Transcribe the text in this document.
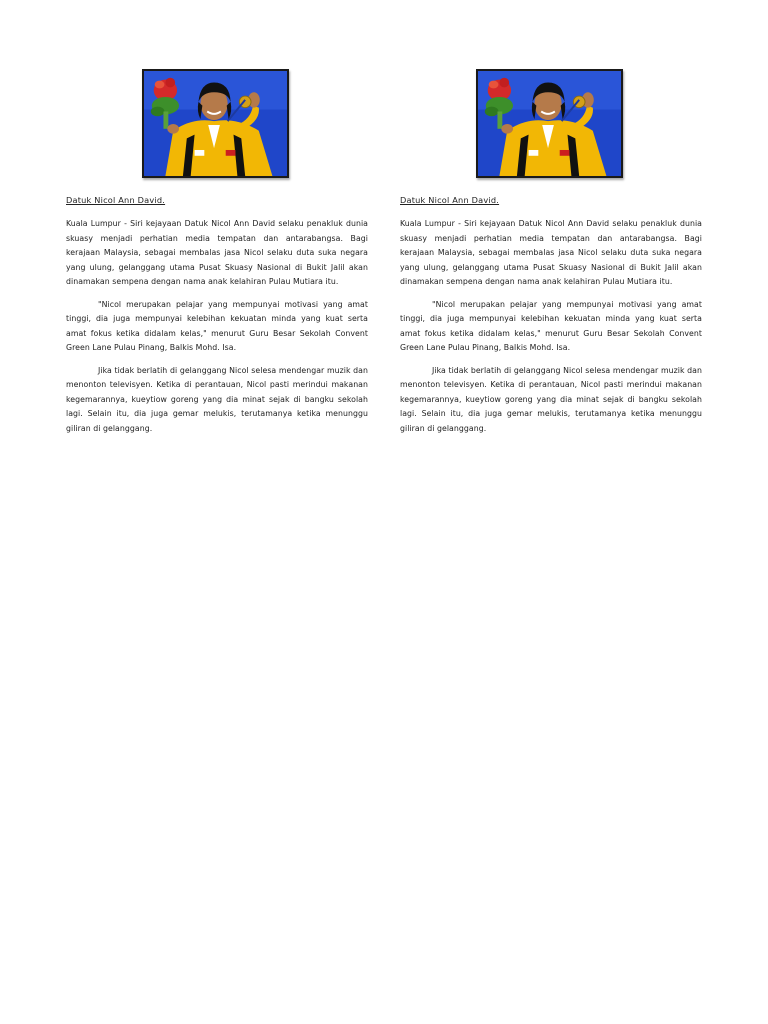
Datuk Nicol Ann David.

Kuala Lumpur - Siri kejayaan Datuk Nicol Ann David selaku penakluk dunia skuasy menjadi perhatian media tempatan dan antarabangsa. Bagi kerajaan Malaysia, sebagai membalas jasa Nicol selaku duta suka negara yang ulung, gelanggang utama Pusat Skuasy Nasional di Bukit Jalil akan dinamakan sempena dengan nama anak kelahiran Pulau Mutiara itu.

"Nicol merupakan pelajar yang mempunyai motivasi yang amat tinggi, dia juga mempunyai kelebihan kekuatan minda yang kuat serta amat fokus ketika didalam kelas," menurut Guru Besar Sekolah Convent Green Lane Pulau Pinang, Balkis Mohd. Isa.

Jika tidak berlatih di gelanggang Nicol selesa mendengar muzik dan menonton televisyen. Ketika di perantauan, Nicol pasti merindui makanan kegemarannya, kueytiow goreng yang dia minat sejak di bangku sekolah lagi. Selain itu, dia juga gemar melukis, terutamanya ketika menunggu giliran di gelanggang.

Datuk Nicol Ann David.

Kuala Lumpur - Siri kejayaan Datuk Nicol Ann David selaku penakluk dunia skuasy menjadi perhatian media tempatan dan antarabangsa. Bagi kerajaan Malaysia, sebagai membalas jasa Nicol selaku duta suka negara yang ulung, gelanggang utama Pusat Skuasy Nasional di Bukit Jalil akan dinamakan sempena dengan nama anak kelahiran Pulau Mutiara itu.

"Nicol merupakan pelajar yang mempunyai motivasi yang amat tinggi, dia juga mempunyai kelebihan kekuatan minda yang kuat serta amat fokus ketika didalam kelas," menurut Guru Besar Sekolah Convent Green Lane Pulau Pinang, Balkis Mohd. Isa.

Jika tidak berlatih di gelanggang Nicol selesa mendengar muzik dan menonton televisyen. Ketika di perantauan, Nicol pasti merindui makanan kegemarannya, kueytiow goreng yang dia minat sejak di bangku sekolah lagi. Selain itu, dia juga gemar melukis, terutamanya ketika menunggu giliran di gelanggang.
